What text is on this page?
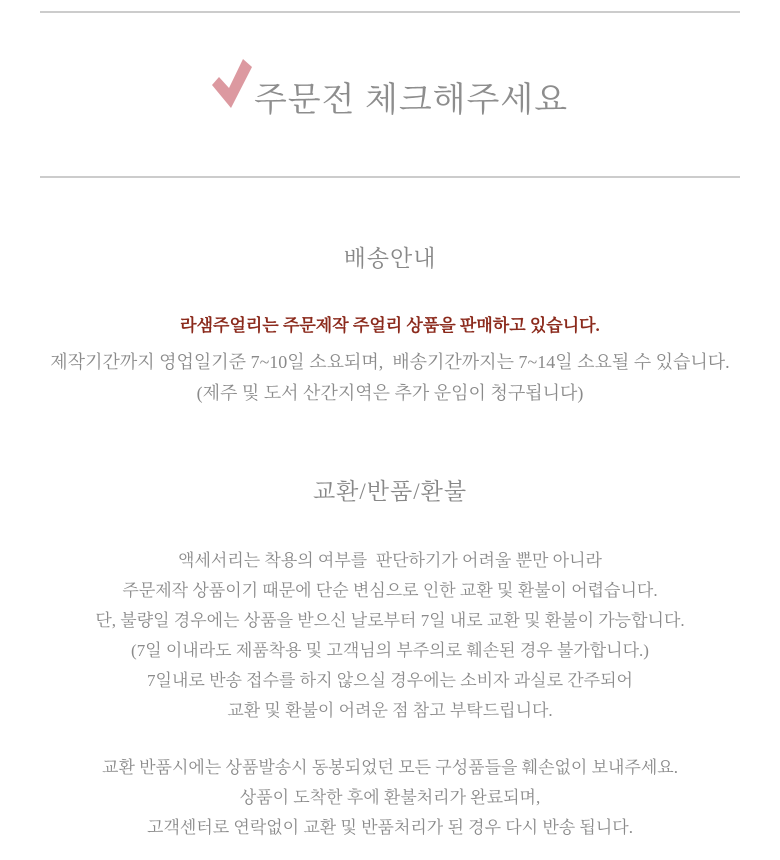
주문전 체크해주세요
배송안내

라샘주얼리는 주문제작 주얼리 상품을 판매하고 있습니다.

제작기간까지 영업일기준 7~10일 소요되며,  배송기간까지는 7~14일 소요될 수 있습니다.
(제주 및 도서 산간지역은 추가 운임이 청구됩니다)
교환/반품/환불
액세서리는 착용의 여부를  판단하기가 어려울 뿐만 아니라
주문제작 상품이기 때문에 단순 변심으로 인한 교환 및 환불이 어렵습니다.
단, 불량일 경우에는 상품을 받으신 날로부터 7일 내로 교환 및 환불이 가능합니다.
(7일 이내라도 제품착용 및 고객님의 부주의로 훼손된 경우 불가합니다.)
7일내로 반송 접수를 하지 않으실 경우에는 소비자 과실로 간주되어
교환 및 환불이 어려운 점 참고 부탁드립니다.
교환 반품시에는 상품발송시 동봉되었던 모든 구성품들을 훼손없이 보내주세요.
상품이 도착한 후에 환불처리가 완료되며,
고객센터로 연락없이 교환 및 반품처리가 된 경우 다시 반송 됩니다.
